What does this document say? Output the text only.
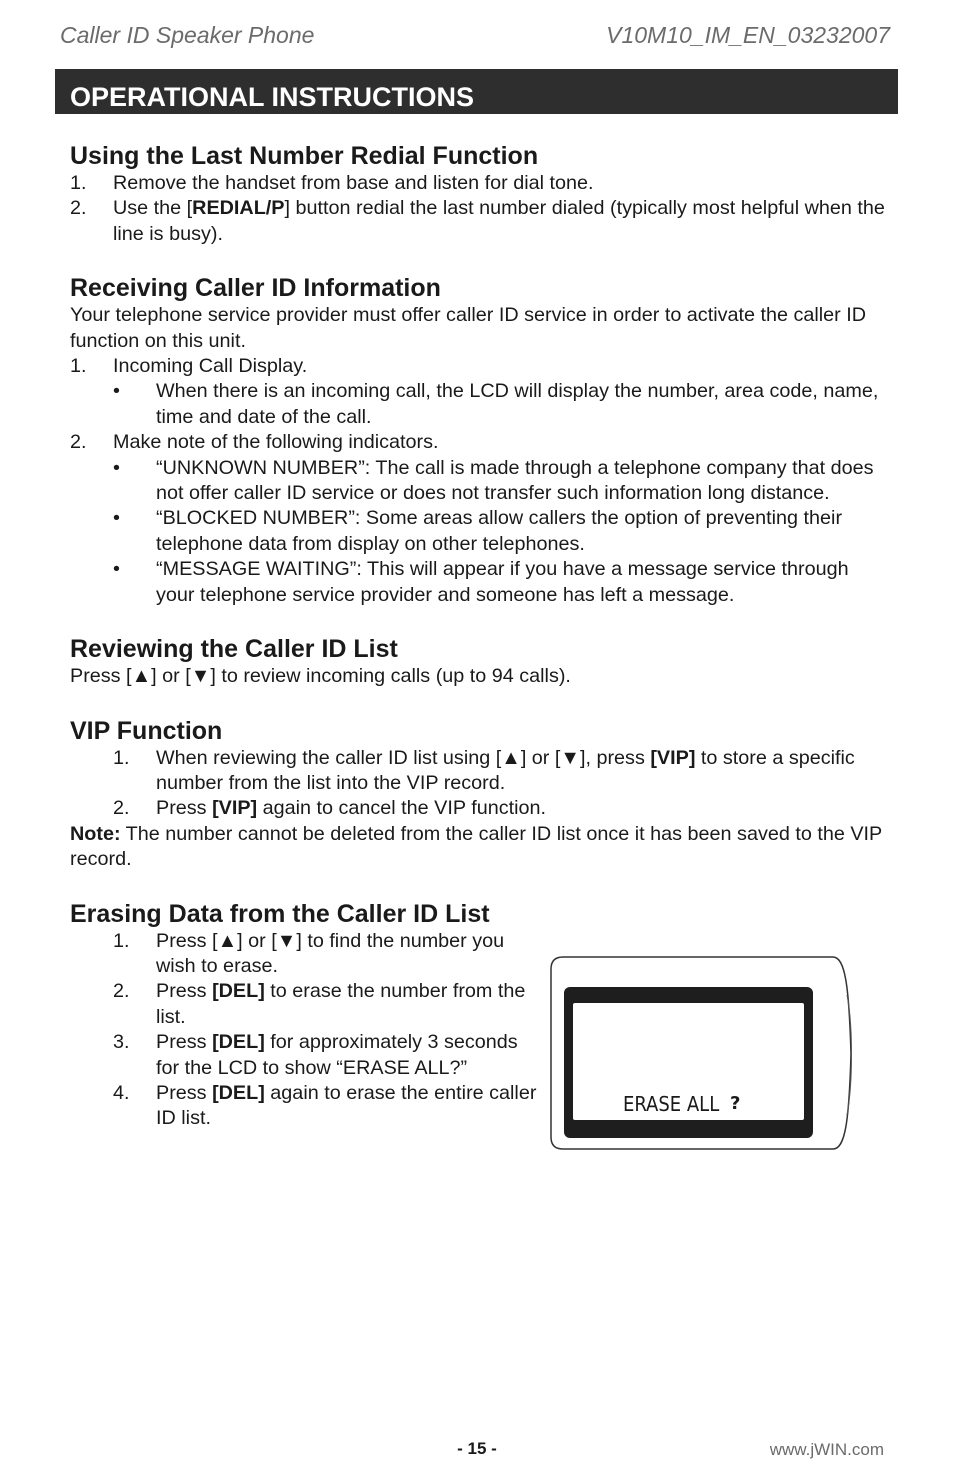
Caller ID Speaker Phone	V10M10_IM_EN_03232007
OPERATIONAL INSTRUCTIONS
Using the Last Number Redial Function
1. Remove the handset from base and listen for dial tone.
2. Use the [REDIAL/P] button redial the last number dialed (typically most helpful when the line is busy).
Receiving Caller ID Information
Your telephone service provider must offer caller ID service in order to activate the caller ID function on this unit.
1. Incoming Call Display.
• When there is an incoming call, the LCD will display the number, area code, name, time and date of the call.
2. Make note of the following indicators.
• “UNKNOWN NUMBER”: The call is made through a telephone company that does not offer caller ID service or does not transfer such information long distance.
• “BLOCKED NUMBER”: Some areas allow callers the option of preventing their telephone data from display on other telephones.
• “MESSAGE WAITING”: This will appear if you have a message service through your telephone service provider and someone has left a message.
Reviewing the Caller ID List
Press [▲] or [▼] to review incoming calls (up to 94 calls).
VIP Function
1. When reviewing the caller ID list using [▲] or [▼], press [VIP] to store a specific number from the list into the VIP record.
2. Press [VIP] again to cancel the VIP function.
Note: The number cannot be deleted from the caller ID list once it has been saved to the VIP record.
Erasing Data from the Caller ID List
1. Press [▲] or [▼] to find the number you wish to erase.
2. Press [DEL] to erase the number from the list.
3. Press [DEL] for approximately 3 seconds for the LCD to show “ERASE ALL?”
4. Press [DEL] again to erase the entire caller ID list.
ERASE ALL ?
- 15 -	www.jWIN.com
